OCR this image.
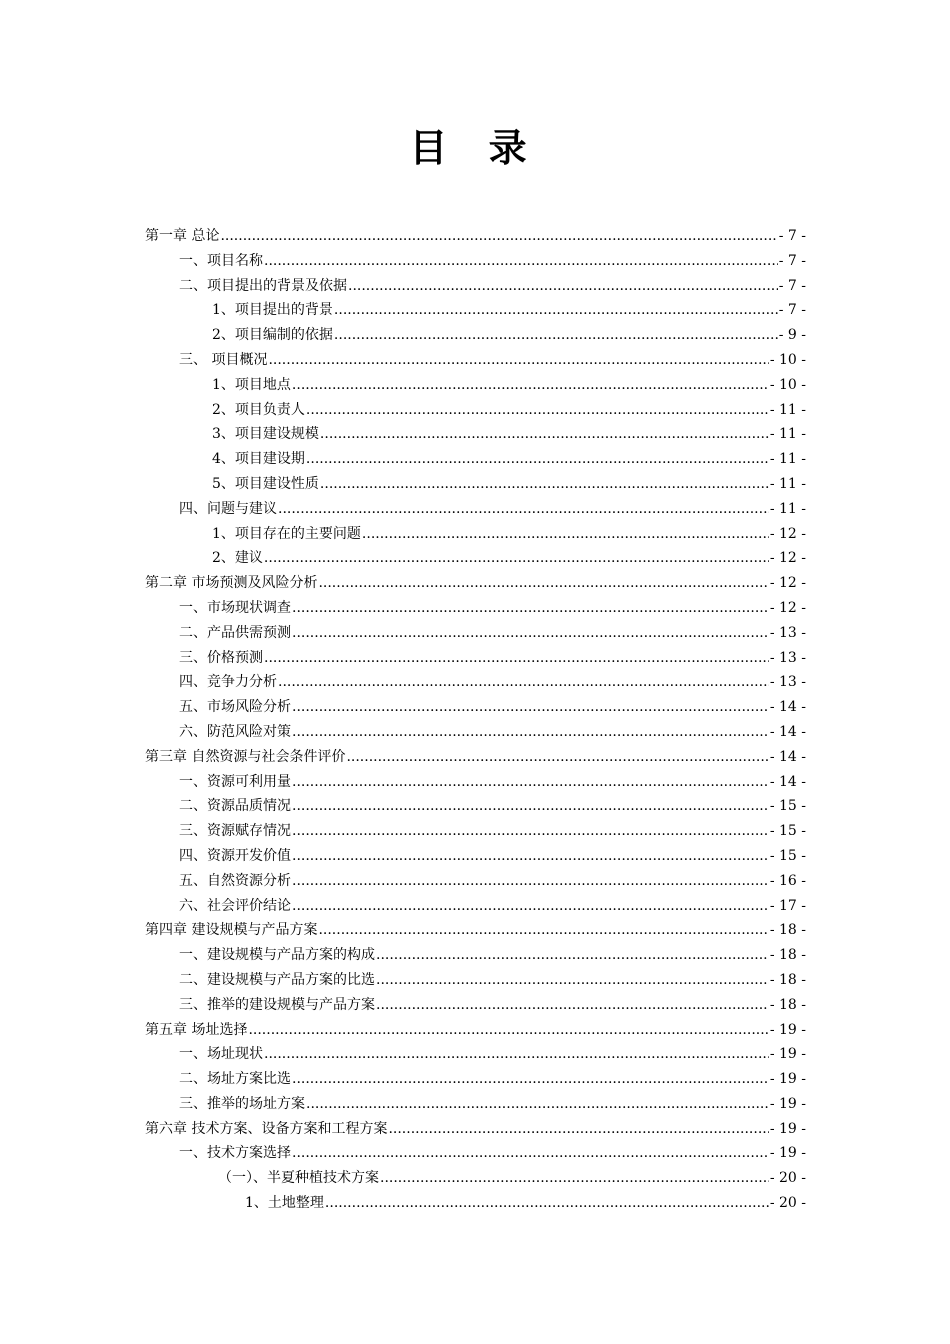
目 录
第一章 总论 .....	- 7 -
一、项目名称 .....	- 7 -
二、项目提出的背景及依据 .....	- 7 -
1、项目提出的背景 .....	- 7 -
2、项目编制的依据 .....	- 9 -
三、 项目概况 .....	- 10 -
1、项目地点 .....	- 10 -
2、项目负责人 .....	- 11 -
3、项目建设规模 .....	- 11 -
4、项目建设期 .....	- 11 -
5、项目建设性质 .....	- 11 -
四、问题与建议 .....	- 11 -
1、项目存在的主要问题 .....	- 12 -
2、建议 .....	- 12 -
第二章 市场预测及风险分析 .....	- 12 -
一、市场现状调查 .....	- 12 -
二、产品供需预测 .....	- 13 -
三、价格预测 .....	- 13 -
四、竞争力分析 .....	- 13 -
五、市场风险分析 .....	- 14 -
六、防范风险对策 .....	- 14 -
第三章 自然资源与社会条件评价 .....	- 14 -
一、资源可利用量 .....	- 14 -
二、资源品质情况 .....	- 15 -
三、资源赋存情况 .....	- 15 -
四、资源开发价值 .....	- 15 -
五、自然资源分析 .....	- 16 -
六、社会评价结论 .....	- 17 -
第四章 建设规模与产品方案 .....	- 18 -
一、建设规模与产品方案的构成 .....	- 18 -
二、建设规模与产品方案的比选 .....	- 18 -
三、推举的建设规模与产品方案 .....	- 18 -
第五章 场址选择 .....	- 19 -
一、场址现状 .....	- 19 -
二、场址方案比选 .....	- 19 -
三、推举的场址方案 .....	- 19 -
第六章 技术方案、设备方案和工程方案 .....	- 19 -
一、技术方案选择 .....	- 19 -
（一）、半夏种植技术方案 .....	- 20 -
1、土地整理 .....	- 20 -
